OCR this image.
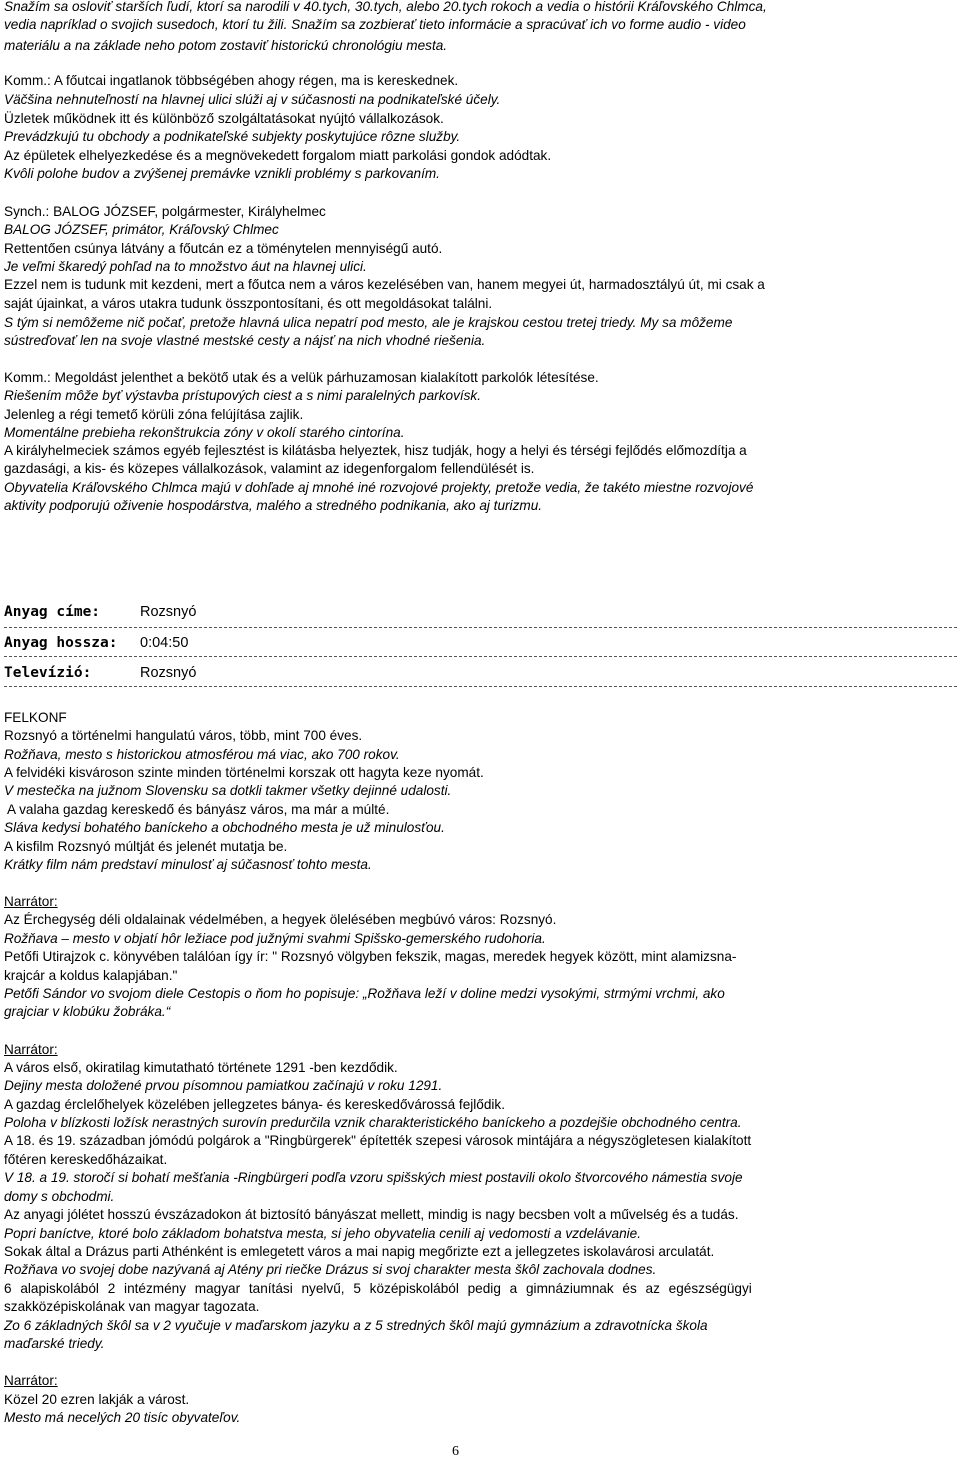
Snažím sa osloviť starších ľudí, ktorí sa narodili v 40.tych, 30.tych, alebo 20.tych rokoch a vedia o histórii Kráľovského Chlmca,
vedia napríklad o svojich susedoch, ktorí tu žili. Snažím sa zozbierať tieto informácie a spracúvať ich vo forme audio - video
materiálu a na základe neho potom zostaviť historickú chronológiu mesta.
Komm.: A főutcai ingatlanok többségében ahogy régen, ma is kereskednek.
Väčšina nehnuteľností na hlavnej ulici slúži aj v súčasnosti na podnikateľské účely.
Üzletek működnek itt és különböző szolgáltatásokat nyújtó vállalkozások.
Prevádzkujú tu obchody a podnikateľské subjekty poskytujúce rôzne služby.
Az épületek elhelyezkedése és a megnövekedett forgalom miatt parkolási gondok adódtak.
Kvôli polohe budov a zvýšenej premávke vznikli problémy s parkovaním.
Synch.: BALOG JÓZSEF, polgármester, Királyhelmec
BALOG JÓZSEF, primátor, Kráľovský Chlmec
Rettentően csúnya látvány a főutcán ez a töménytelen mennyiségű autó.
Je veľmi škaredý pohľad na to množstvo áut na hlavnej ulici.
Ezzel nem is tudunk mit kezdeni, mert a főutca nem a város kezelésében van, hanem megyei út, harmadosztályú út, mi csak a
saját újainkat, a város utakra tudunk összpontosítani, és ott megoldásokat találni.
S tým si nemôžeme nič počať, pretože hlavná ulica nepatrí pod mesto, ale je krajskou cestou tretej triedy. My sa môžeme
sústreďovať len na svoje vlastné mestské cesty a nájsť na nich vhodné riešenia.
Komm.: Megoldást jelenthet a bekötő utak és a velük párhuzamosan kialakított parkolók létesítése.
Riešením môže byť výstavba prístupových ciest a s nimi paralelných parkovísk.
Jelenleg a régi temető körüli zóna felújítása zajlik.
Momentálne prebieha rekonštrukcia zóny v okolí starého cintorína.
A királyhelmeciek számos egyéb fejlesztést is kilátásba helyeztek, hisz tudják, hogy a helyi és térségi fejlődés előmozdítja a
gazdasági, a kis- és közepes vállalkozások, valamint az idegenforgalom fellendülését is.
Obyvatelia Kráľovského Chlmca majú v dohľade aj mnohé iné rozvojové projekty, pretože vedia, že takéto miestne rozvojové
aktivity podporujú oživenie hospodárstva, malého a stredného podnikania, ako aj turizmu.
Anyag címe:	Rozsnyó
Anyag hossza: 0:04:50
Televízió:	Rozsnyó
FELKONF
Rozsnyó a történelmi hangulatú város, több, mint 700 éves.
Rožňava, mesto s historickou atmosférou má viac, ako 700 rokov.
A felvidéki kisvároson szinte minden történelmi korszak ott hagyta keze nyomát.
V mestečka na južnom Slovensku sa dotkli takmer všetky dejinné udalosti.
A valaha gazdag kereskedő és bányász város, ma már a múlté.
Sláva kedysi bohatého baníckeho a obchodného mesta je už minulosťou.
A kisfilm Rozsnyó múltját és jelenét mutatja be.
Krátky film nám predstaví minulosť aj súčasnosť tohto mesta.
Narrátor:
Az Érchegység déli oldalainak védelmében, a hegyek ölelésében megbúvó város: Rozsnyó.
Rožňava – mesto v objatí hôr ležiace pod južnými svahmi Spišsko-gemerského rudohoria.
Petőfi Utirajzok c. könyvében találóan így ír: " Rozsnyó völgyben fekszik, magas, meredek hegyek között, mint alamizsna-
krajcár a koldus kalapjában."
Petőfi Sándor vo svojom diele Cestopis o ňom ho popisuje: „Rožňava leží v doline medzi vysokými, strmými vrchmi, ako
grajciar v klobúku žobráka.“
Narrátor:
A város első, okiratilag kimutatható története 1291 -ben kezdődik.
Dejiny mesta doložené prvou písomnou pamiatkou začínajú v roku 1291.
A gazdag érclelőhelyek közelében jellegzetes bánya- és kereskedővárossá fejlődik.
Poloha v blízkosti ložísk nerastných surovín predurčila vznik charakteristického baníckeho a pozdejšie obchodného centra.
A 18. és 19. században jómódú polgárok a "Ringbürgerek" építették szepesi városok mintájára a négyszögletesen kialakított
főtéren kereskedőházaikat.
V 18. a 19. storočí si bohatí mešťania -Ringbürgeri podľa vzoru spišských miest postavili okolo štvorcového námestia svoje
domy s obchodmi.
Az anyagi jólétet hosszú évszázadokon át biztosító bányászat mellett, mindig is nagy becsben volt a művelség és a tudás.
Popri baníctve, ktoré bolo základom bohatstva mesta, si jeho obyvatelia cenili aj vedomosti a vzdelávanie.
Sokak által a Drázus parti Athénként is emlegetett város a mai napig megőrizte ezt a jellegzetes iskolavárosi arculatát.
Rožňava vo svojej dobe nazývaná aj Atény pri riečke Drázus si svoj charakter mesta škôl zachovala dodnes.
6 alapiskolából 2 intézmény magyar tanítási nyelvű, 5 középiskolából pedig a gimnáziumnak és az egészségügyi
szakközépiskolának van magyar tagozata.
Zo 6 základných škôl sa v 2 vyučuje v maďarskom jazyku a z 5 stredných škôl majú gymnázium a zdravotnícka škola
maďarské triedy.
Narrátor:
Közel 20 ezren lakják a várost.
Mesto má necelých 20 tisíc obyvateľov.
6
